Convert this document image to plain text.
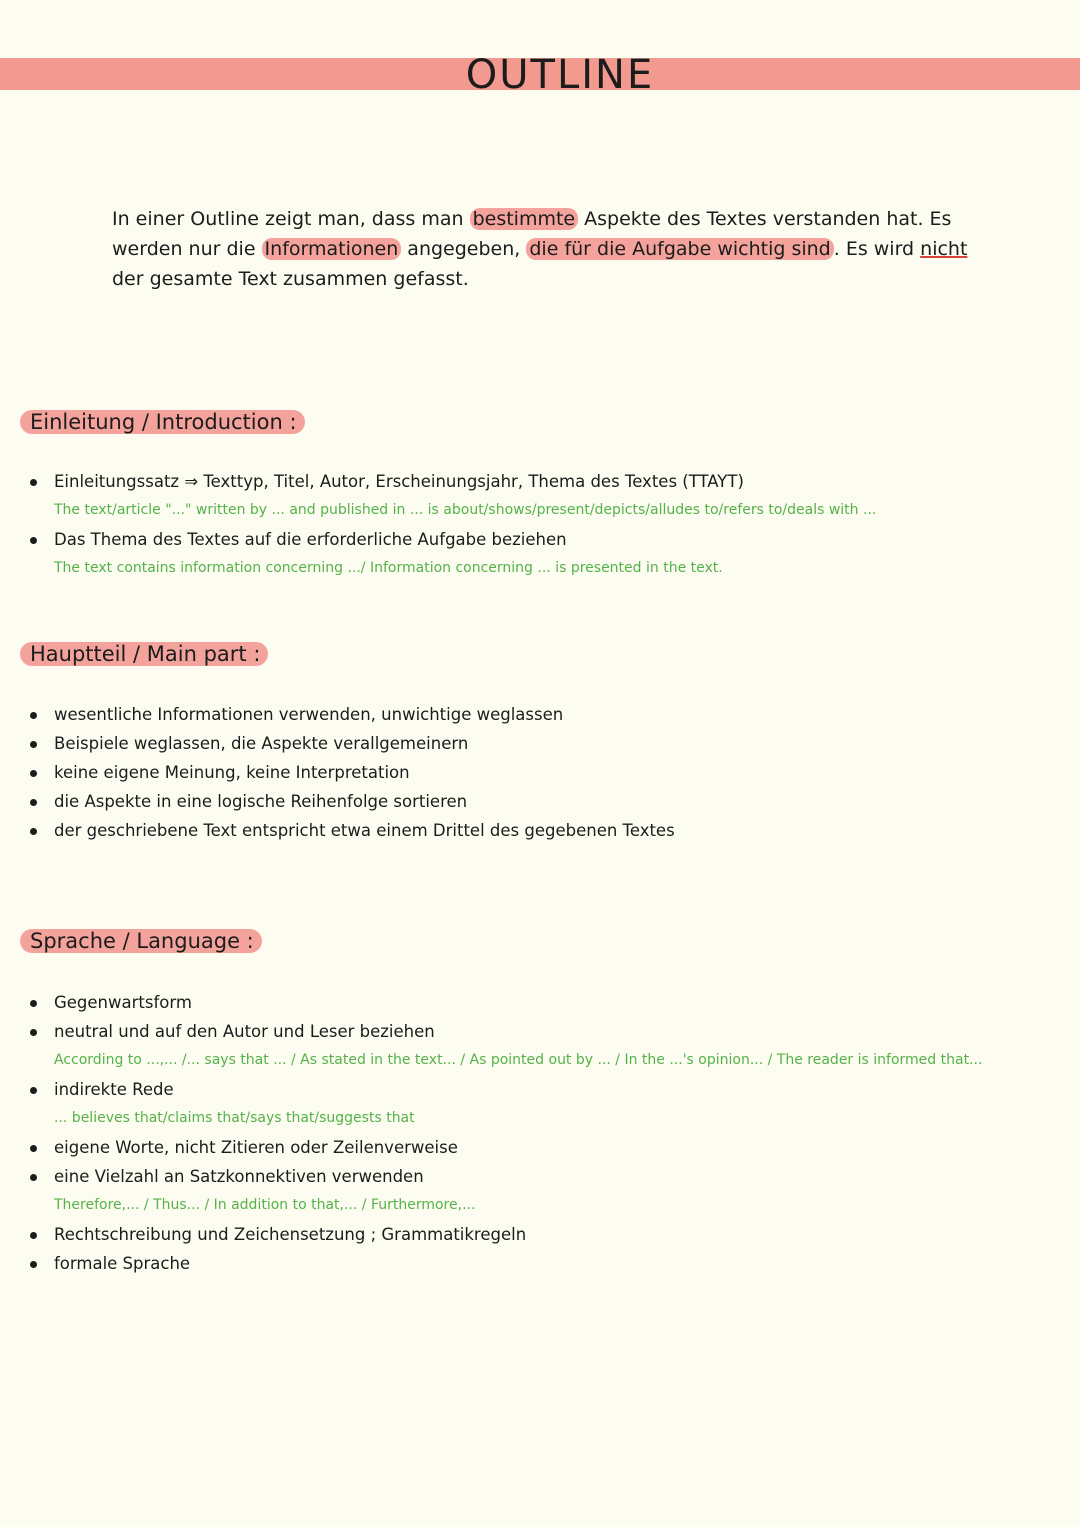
OUTLINE

In einer Outline zeigt man, dass man bestimmte Aspekte des Textes verstanden hat. Es werden nur die Informationen angegeben, die für die Aufgabe wichtig sind . Es wird nicht der gesamte Text zusammen gefasst.

Einleitung / Introduction :
Einleitungssatz ⇒ Texttyp, Titel, Autor, Erscheinungsjahr, Thema des Textes (TTAYT)
The text/article "..." written by ... and published in ... is about/shows/present/depicts/alludes to/refers to/deals with ...
Das Thema des Textes auf die erforderliche Aufgabe beziehen
The text contains information concerning .../ Information concerning ... is presented in the text.
Hauptteil / Main part :
wesentliche Informationen verwenden, unwichtige weglassen
Beispiele weglassen, die Aspekte verallgemeinern
keine eigene Meinung, keine Interpretation
die Aspekte in eine logische Reihenfolge sortieren
der geschriebene Text entspricht etwa einem Drittel des gegebenen Textes
Sprache / Language :
Gegenwartsform
neutral und auf den Autor und Leser beziehen
According to ...,... /... says that ... / As stated in the text... / As pointed out by ... / In the ...'s opinion... / The reader is informed that...
indirekte Rede
... believes that/claims that/says that/suggests that
eigene Worte, nicht Zitieren oder Zeilenverweise
eine Vielzahl an Satzkonnektiven verwenden
Therefore,... / Thus... / In addition to that,... / Furthermore,...
Rechtschreibung und Zeichensetzung ; Grammatikregeln
formale Sprache
